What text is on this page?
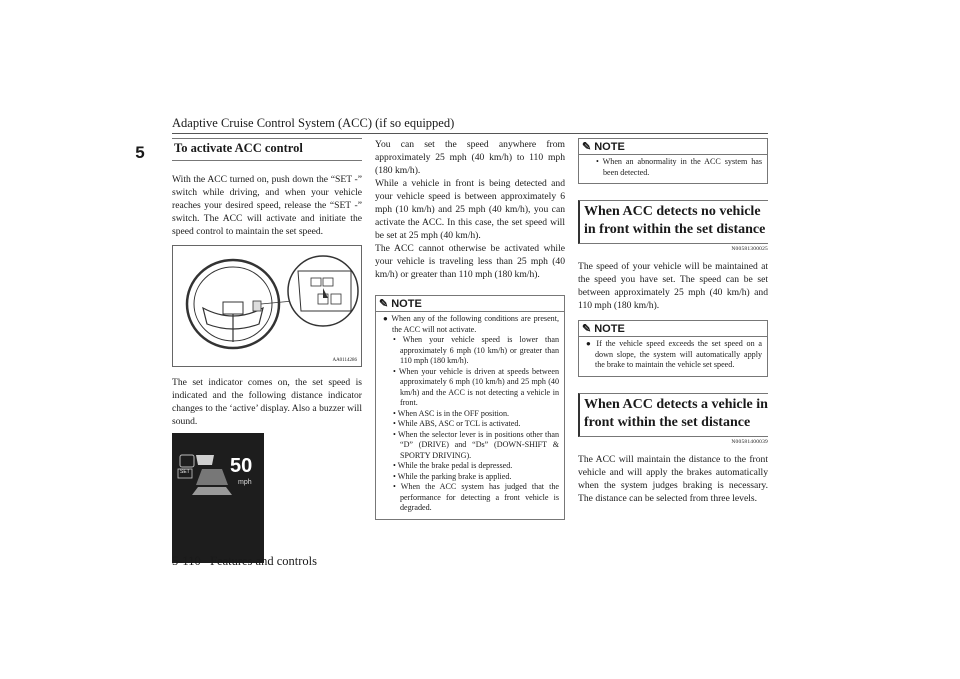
Adaptive Cruise Control System (ACC) (if so equipped)
5	To activate ACC control

With the ACC turned on, push down the “SET -” switch while driving, and when your vehicle reaches your desired speed, release the “SET -” switch. The ACC will activate and initiate the speed control to maintain the set speed.

AA0114286

The set indicator comes on, the set speed is indicated and the following distance indicator changes to the ‘active’ display. Also a buzzer will sound.

SET 50
mph

You can set the speed anywhere from approximately 25 mph (40 km/h) to 110 mph (180 km/h).

While a vehicle in front is being detected and your vehicle speed is between approximately 6 mph (10 km/h) and 25 mph (40 km/h), you can activate the ACC. In this case, the set speed will be set at 25 mph (40 km/h).

The ACC cannot otherwise be activated while your vehicle is traveling less than 25 mph (40 km/h) or greater than 110 mph (180 km/h).

✎ NOTE

● When any of the following conditions are present, the ACC will not activate.

• When your vehicle speed is lower than approximately 6 mph (10 km/h) or greater than 110 mph (180 km/h).

• When your vehicle is driven at speeds between approximately 6 mph (10 km/h) and 25 mph (40 km/h) and the ACC is not detecting a vehicle in front.

• When ASC is in the OFF position.

• While ABS, ASC or TCL is activated.

• When the selector lever is in positions other than “D” (DRIVE) and “Ds” (DOWN-SHIFT & SPORTY DRIVING).

• While the brake pedal is depressed.

• While the parking brake is applied.

• When the ACC system has judged that the performance for detecting a front vehicle is degraded.

✎ NOTE

• When an abnormality in the ACC system has been detected.

When ACC detects no vehicle in front within the set distance
N00581300025

The speed of your vehicle will be maintained at the speed you have set. The speed can be set between approximately 25 mph (40 km/h) and 110 mph (180 km/h).

✎ NOTE

● If the vehicle speed exceeds the set speed on a down slope, the system will automatically apply the brake to maintain the vehicle set speed.

When ACC detects a vehicle in front within the set distance
N00581400039

The ACC will maintain the distance to the front vehicle and will apply the brakes automatically when the system judges braking is necessary. The distance can be selected from three levels.

5-110 Features and controls
